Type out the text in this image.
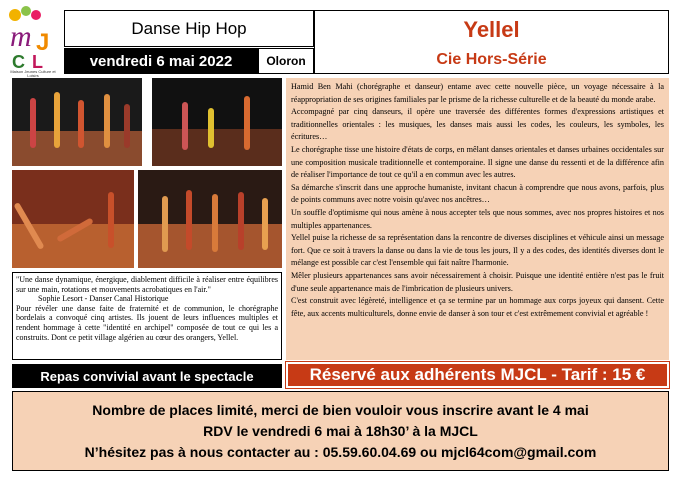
m J
C L
Maison Jeunes Culture et Loisirs
Danse Hip Hop
vendredi 6 mai 2022	Oloron
Yellel
Cie Hors-Série
"Une danse dynamique, énergique, diablement difficile à réaliser entre équilibres sur une main, rotations et mouvements acrobatiques en l'air."
Sophie Lesort - Danser Canal Historique
Pour révéler une danse faite de fraternité et de communion, le chorégraphe bordelais a convoqué cinq artistes. Ils jouent de leurs influences multiples et rendent hommage à cette "identité en archipel" composée de tout ce qui les a construits. Dont ce petit village algérien au cœur des orangers, Yellel.

Hamid Ben Mahi (chorégraphe et danseur) entame avec cette nouvelle pièce, un voyage nécessaire à la réappropriation de ses origines familiales par le prisme de la richesse culturelle et de la beauté du monde arabe.

Accompagné par cinq danseurs, il opère une traversée des différentes formes d'expressions artistiques et traditionnelles orientales : les musiques, les danses mais aussi les codes, les couleurs, les symboles, les écritures…

Le chorégraphe tisse une histoire d'états de corps, en mêlant danses orientales et danses urbaines occidentales sur une composition musicale traditionnelle et contemporaine. Il signe une danse du ressenti et de la différence afin de réaliser l'importance de tout ce qu'il a en commun avec les autres.

Sa démarche s'inscrit dans une approche humaniste, invitant chacun à comprendre que nous avons, parfois, plus de points communs avec notre voisin qu'avec nos ancêtres…

Un souffle d'optimisme qui nous amène à nous accepter tels que nous sommes, avec nos propres histoires et nos multiples appartenances.

Yellel puise la richesse de sa représentation dans la rencontre de diverses disciplines et véhicule ainsi un message fort. Que ce soit à travers la danse ou dans la vie de tous les jours, Il y a des codes, des identités diverses dont le mélange est possible car c'est l'ensemble qui fait naître l'harmonie.

Mêler plusieurs appartenances sans avoir nécessairement à choisir. Puisque une identité entière n'est pas le fruit d'une seule appartenance mais de l'imbrication de plusieurs univers.

C'est construit avec légèreté, intelligence et ça se termine par un hommage aux corps joyeux qui dansent. Cette fête, aux accents multiculturels, donne envie de danser à son tour et c'est extrêmement convivial et agréable !

Repas convivial avant le spectacle	Réservé aux adhérents MJCL - Tarif : 15 €
Nombre de places limité, merci de bien vouloir vous inscrire avant le 4 mai
RDV le vendredi 6 mai à 18h30’ à la MJCL
N’hésitez pas à nous contacter au : 05.59.60.04.69 ou mjcl64com@gmail.com
